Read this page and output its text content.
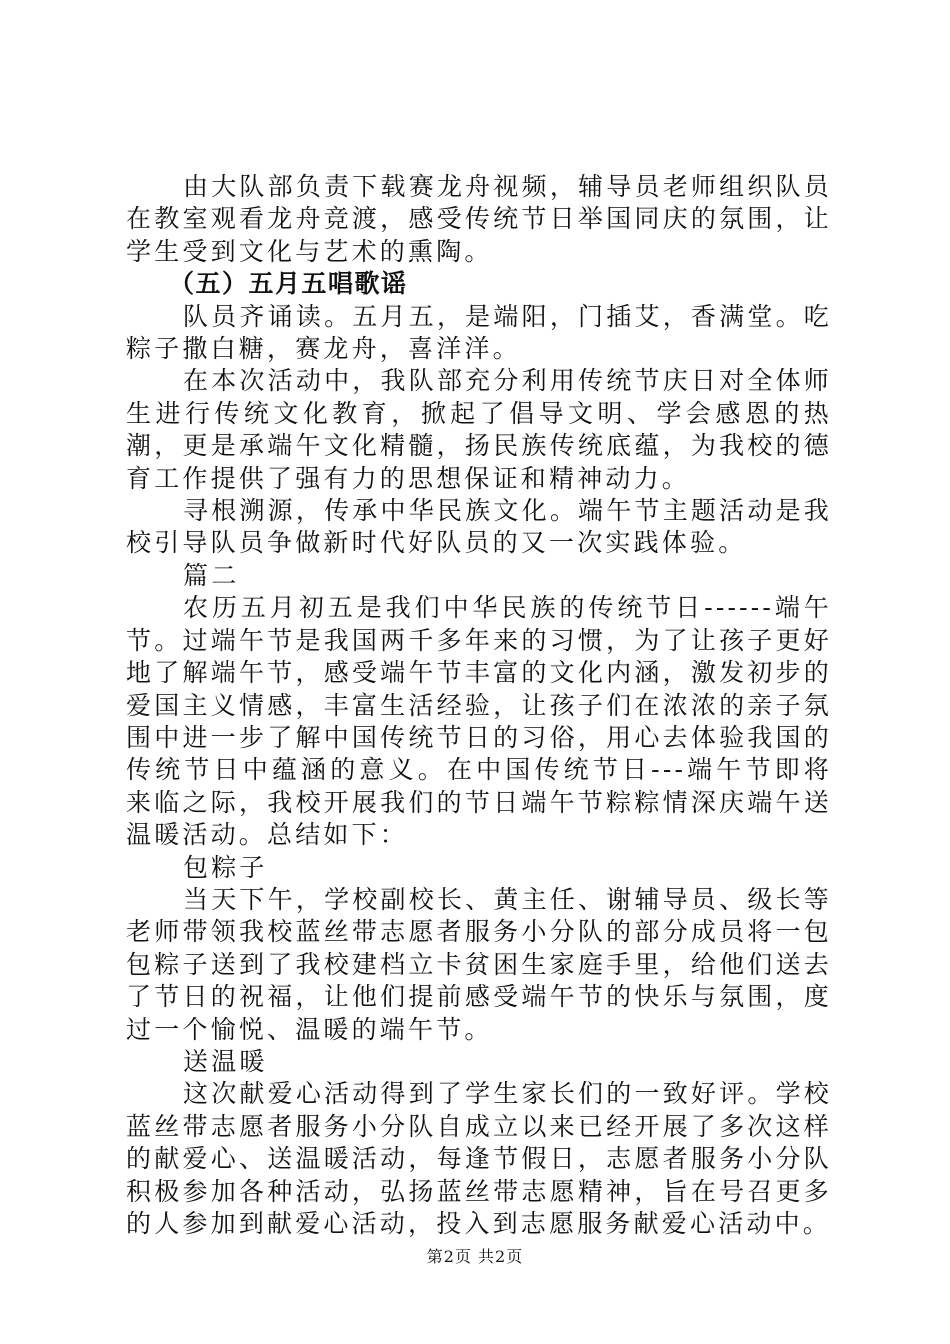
由大队部负责下载赛龙舟视频，辅导员老师组织队员在教室观看龙舟竞渡，感受传统节日举国同庆的氛围，让学生受到文化与艺术的熏陶。

（五）五月五唱歌谣

队员齐诵读。五月五，是端阳，门插艾，香满堂。吃粽子撒白糖，赛龙舟，喜洋洋。

在本次活动中，我队部充分利用传统节庆日对全体师生进行传统文化教育，掀起了倡导文明、学会感恩的热潮，更是承端午文化精髓，扬民族传统底蕴，为我校的德育工作提供了强有力的思想保证和精神动力。

寻根溯源，传承中华民族文化。端午节主题活动是我校引导队员争做新时代好队员的又一次实践体验。

篇二

农历五月初五是我们中华民族的传统节日------端午节。过端午节是我国两千多年来的习惯，为了让孩子更好地了解端午节，感受端午节丰富的文化内涵，激发初步的爱国主义情感，丰富生活经验，让孩子们在浓浓的亲子氛围中进一步了解中国传统节日的习俗，用心去体验我国的传统节日中蕴涵的意义。在中国传统节日---端午节即将来临之际，我校开展我们的节日端午节粽粽情深庆端午送温暖活动。总结如下：

包粽子

当天下午，学校副校长、黄主任、谢辅导员、级长等老师带领我校蓝丝带志愿者服务小分队的部分成员将一包包粽子送到了我校建档立卡贫困生家庭手里，给他们送去了节日的祝福，让他们提前感受端午节的快乐与氛围，度过一个愉悦、温暖的端午节。

送温暖

这次献爱心活动得到了学生家长们的一致好评。学校蓝丝带志愿者服务小分队自成立以来已经开展了多次这样的献爱心、送温暖活动，每逢节假日，志愿者服务小分队积极参加各种活动，弘扬蓝丝带志愿精神，旨在号召更多的人参加到献爱心活动，投入到志愿服务献爱心活动中。

第2页 共2页
